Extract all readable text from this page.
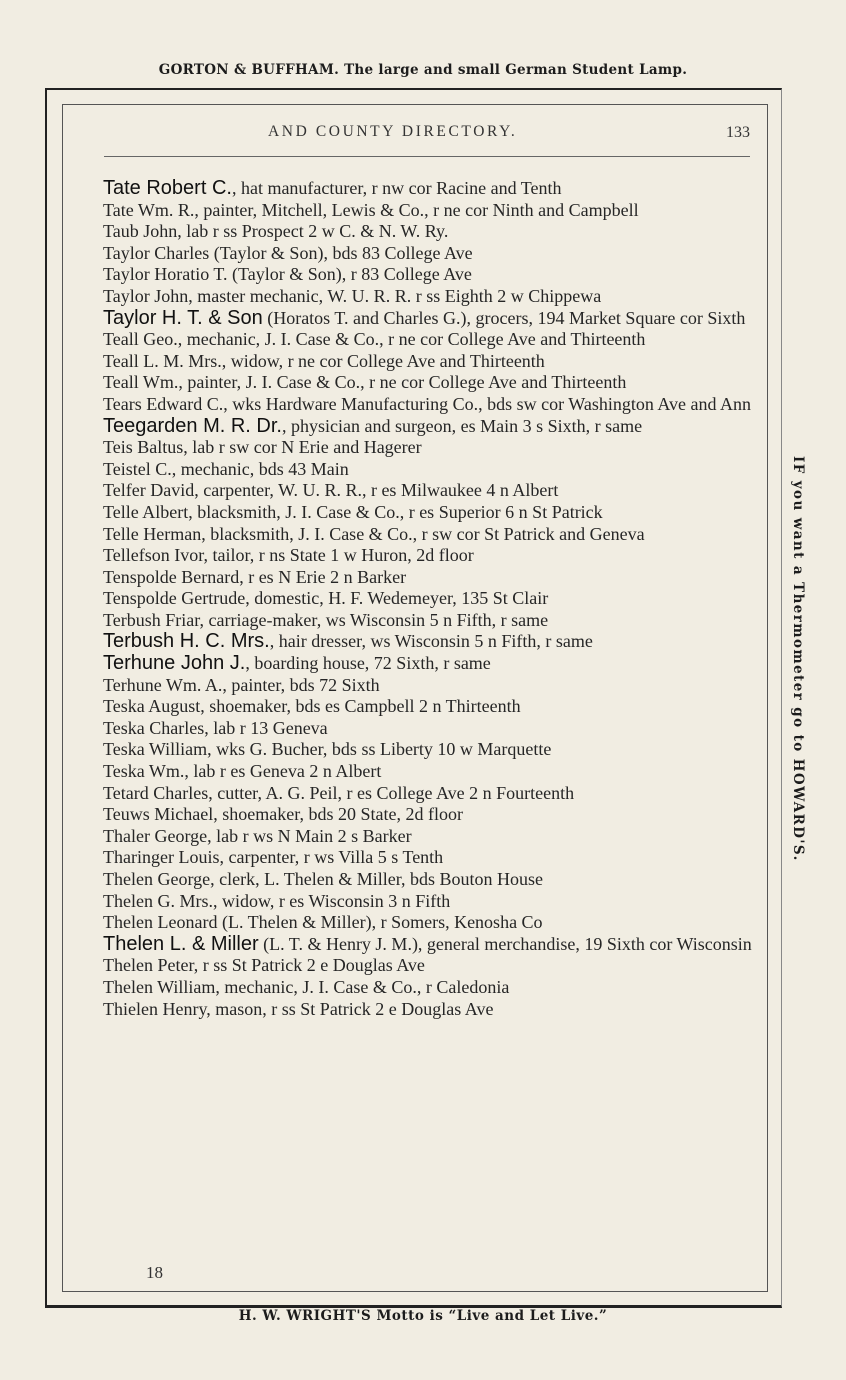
GORTON & BUFFHAM. The large and small German Student Lamp.
AND COUNTY DIRECTORY.	133
Tate Robert C., hat manufacturer, r nw cor Racine and Tenth
Tate Wm. R., painter, Mitchell, Lewis & Co., r ne cor Ninth and Campbell
Taub John, lab r ss Prospect 2 w C. & N. W. Ry.
Taylor Charles (Taylor & Son), bds 83 College Ave
Taylor Horatio T. (Taylor & Son), r 83 College Ave
Taylor John, master mechanic, W. U. R. R. r ss Eighth 2 w Chippewa
Taylor H. T. & Son (Horatos T. and Charles G.), grocers, 194 Market Square cor Sixth
Teall Geo., mechanic, J. I. Case & Co., r ne cor College Ave and Thirteenth
Teall L. M. Mrs., widow, r ne cor College Ave and Thirteenth
Teall Wm., painter, J. I. Case & Co., r ne cor College Ave and Thirteenth
Tears Edward C., wks Hardware Manufacturing Co., bds sw cor Washington Ave and Ann
Teegarden M. R. Dr., physician and surgeon, es Main 3 s Sixth, r same
Teis Baltus, lab r sw cor N Erie and Hagerer
Teistel C., mechanic, bds 43 Main
Telfer David, carpenter, W. U. R. R., r es Milwaukee 4 n Albert
Telle Albert, blacksmith, J. I. Case & Co., r es Superior 6 n St Patrick
Telle Herman, blacksmith, J. I. Case & Co., r sw cor St Patrick and Geneva
Tellefson Ivor, tailor, r ns State 1 w Huron, 2d floor
Tenspolde Bernard, r es N Erie 2 n Barker
Tenspolde Gertrude, domestic, H. F. Wedemeyer, 135 St Clair
Terbush Friar, carriage-maker, ws Wisconsin 5 n Fifth, r same
Terbush H. C. Mrs., hair dresser, ws Wisconsin 5 n Fifth, r same
Terhune John J., boarding house, 72 Sixth, r same
Terhune Wm. A., painter, bds 72 Sixth
Teska August, shoemaker, bds es Campbell 2 n Thirteenth
Teska Charles, lab r 13 Geneva
Teska William, wks G. Bucher, bds ss Liberty 10 w Marquette
Teska Wm., lab r es Geneva 2 n Albert
Tetard Charles, cutter, A. G. Peil, r es College Ave 2 n Fourteenth
Teuws Michael, shoemaker, bds 20 State, 2d floor
Thaler George, lab r ws N Main 2 s Barker
Tharinger Louis, carpenter, r ws Villa 5 s Tenth
Thelen George, clerk, L. Thelen & Miller, bds Bouton House
Thelen G. Mrs., widow, r es Wisconsin 3 n Fifth
Thelen Leonard (L. Thelen & Miller), r Somers, Kenosha Co
Thelen L. & Miller (L. T. & Henry J. M.), general merchandise, 19 Sixth cor Wisconsin
Thelen Peter, r ss St Patrick 2 e Douglas Ave
Thelen William, mechanic, J. I. Case & Co., r Caledonia
Thielen Henry, mason, r ss St Patrick 2 e Douglas Ave
18
IF you want a Thermometer go to HOWARD'S.
H. W. WRIGHT'S Motto is “Live and Let Live.”
